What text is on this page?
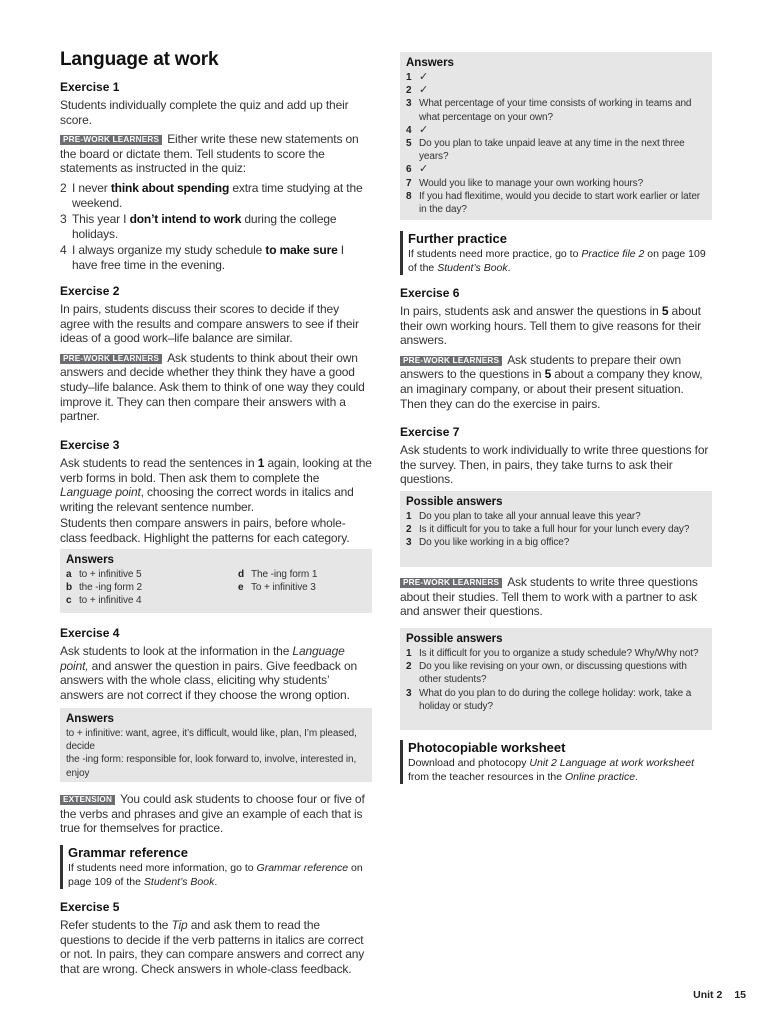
Language at work
Exercise 1
Students individually complete the quiz and add up their score.
PRE-WORK LEARNERS Either write these new statements on the board or dictate them. Tell students to score the statements as instructed in the quiz:
2 I never think about spending extra time studying at the weekend.
3 This year I don’t intend to work during the college holidays.
4 I always organize my study schedule to make sure I have free time in the evening.
Exercise 2
In pairs, students discuss their scores to decide if they agree with the results and compare answers to see if their ideas of a good work–life balance are similar.
PRE-WORK LEARNERS Ask students to think about their own answers and decide whether they think they have a good study–life balance. Ask them to think of one way they could improve it. They can then compare their answers with a partner.
Exercise 3
Ask students to read the sentences in 1 again, looking at the verb forms in bold. Then ask them to complete the Language point, choosing the correct words in italics and writing the relevant sentence number.
Students then compare answers in pairs, before whole-class feedback. Highlight the patterns for each category.
Answers
a to + infinitive 5	d The -ing form 1
b the -ing form 2	e To + infinitive 3
c to + infinitive 4
Exercise 4
Ask students to look at the information in the Language point, and answer the question in pairs. Give feedback on answers with the whole class, eliciting why students’ answers are not correct if they choose the wrong option.
Answers
to + infinitive: want, agree, it’s difficult, would like, plan, I’m pleased, decide
the -ing form: responsible for, look forward to, involve, interested in, enjoy
EXTENSION You could ask students to choose four or five of the verbs and phrases and give an example of each that is true for themselves for practice.
Grammar reference
If students need more information, go to Grammar reference on page 109 of the Student’s Book.
Exercise 5
Refer students to the Tip and ask them to read the questions to decide if the verb patterns in italics are correct or not. In pairs, they can compare answers and correct any that are wrong. Check answers in whole-class feedback.
Answers
1 ✓
2 ✓
3 What percentage of your time consists of working in teams and what percentage on your own?
4 ✓
5 Do you plan to take unpaid leave at any time in the next three years?
6 ✓
7 Would you like to manage your own working hours?
8 If you had flexitime, would you decide to start work earlier or later in the day?
Further practice
If students need more practice, go to Practice file 2 on page 109 of the Student’s Book.
Exercise 6
In pairs, students ask and answer the questions in 5 about their own working hours. Tell them to give reasons for their answers.
PRE-WORK LEARNERS Ask students to prepare their own answers to the questions in 5 about a company they know, an imaginary company, or about their present situation. Then they can do the exercise in pairs.
Exercise 7
Ask students to work individually to write three questions for the survey. Then, in pairs, they take turns to ask their questions.
Possible answers
1 Do you plan to take all your annual leave this year?
2 Is it difficult for you to take a full hour for your lunch every day?
3 Do you like working in a big office?
PRE-WORK LEARNERS Ask students to write three questions about their studies. Tell them to work with a partner to ask and answer their questions.
Possible answers
1 Is it difficult for you to organize a study schedule? Why/Why not?
2 Do you like revising on your own, or discussing questions with other students?
3 What do you plan to do during the college holiday: work, take a holiday or study?
Photocopiable worksheet
Download and photocopy Unit 2 Language at work worksheet from the teacher resources in the Online practice.
Unit 2 15
